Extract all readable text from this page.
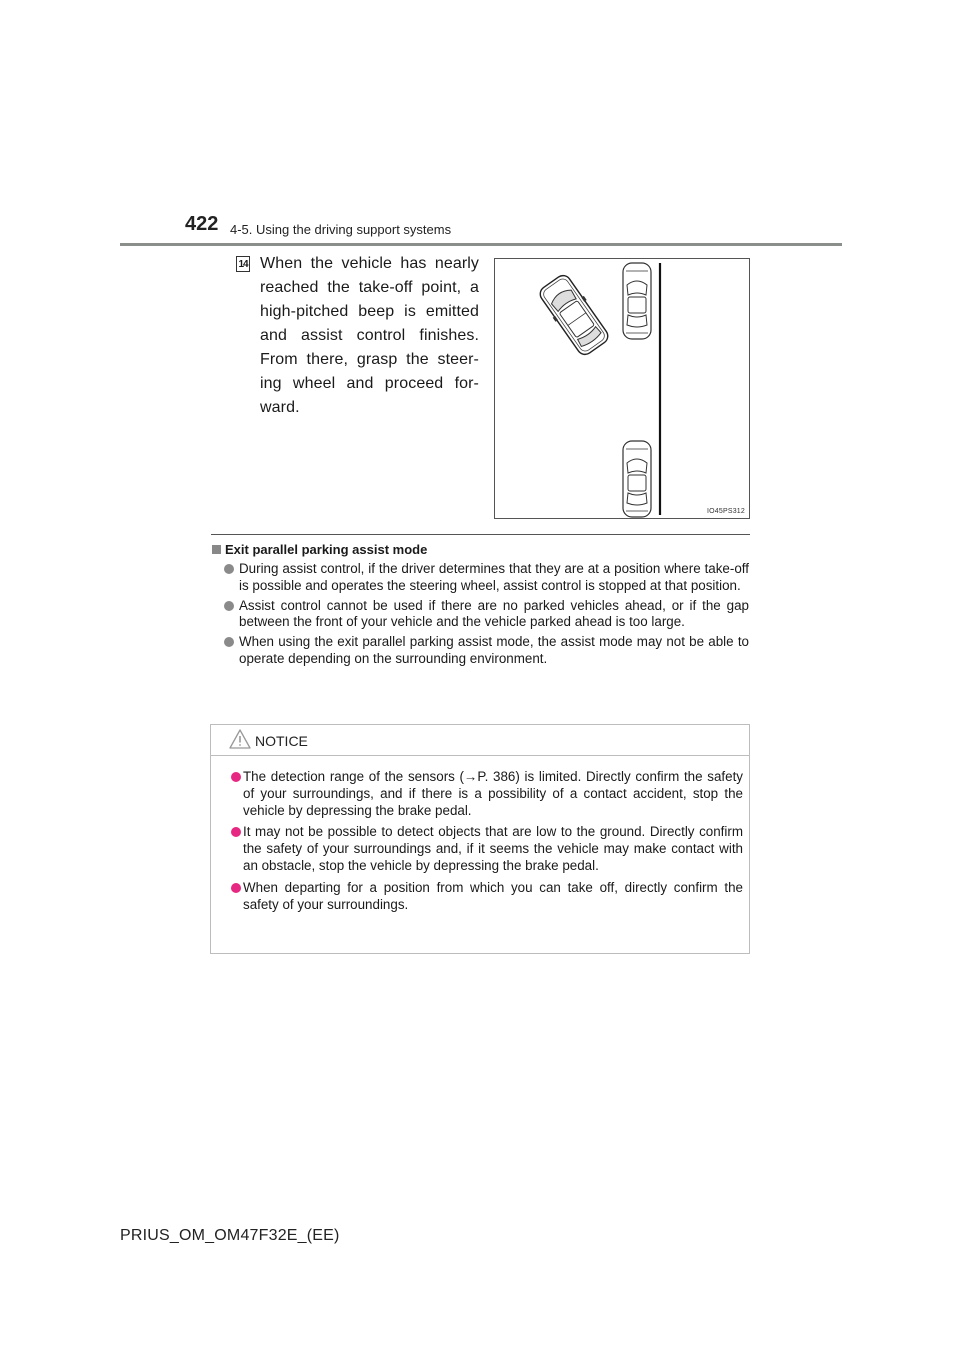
422 4-5. Using the driving support systems
14 When the vehicle has nearly reached the take-off point, a high-pitched beep is emitted and assist control finishes. From there, grasp the steer-ing wheel and proceed for-ward.
IO45PS312
Exit parallel parking assist mode
During assist control, if the driver determines that they are at a position where take-off is possible and operates the steering wheel, assist control is stopped at that position.
Assist control cannot be used if there are no parked vehicles ahead, or if the gap between the front of your vehicle and the vehicle parked ahead is too large.
When using the exit parallel parking assist mode, the assist mode may not be able to operate depending on the surrounding environment.
NOTICE
The detection range of the sensors (→P. 386) is limited. Directly confirm the safety of your surroundings, and if there is a possibility of a contact accident, stop the vehicle by depressing the brake pedal.
It may not be possible to detect objects that are low to the ground. Directly confirm the safety of your surroundings and, if it seems the vehicle may make contact with an obstacle, stop the vehicle by depressing the brake pedal.
When departing for a position from which you can take off, directly confirm the safety of your surroundings.
PRIUS_OM_OM47F32E_(EE)
